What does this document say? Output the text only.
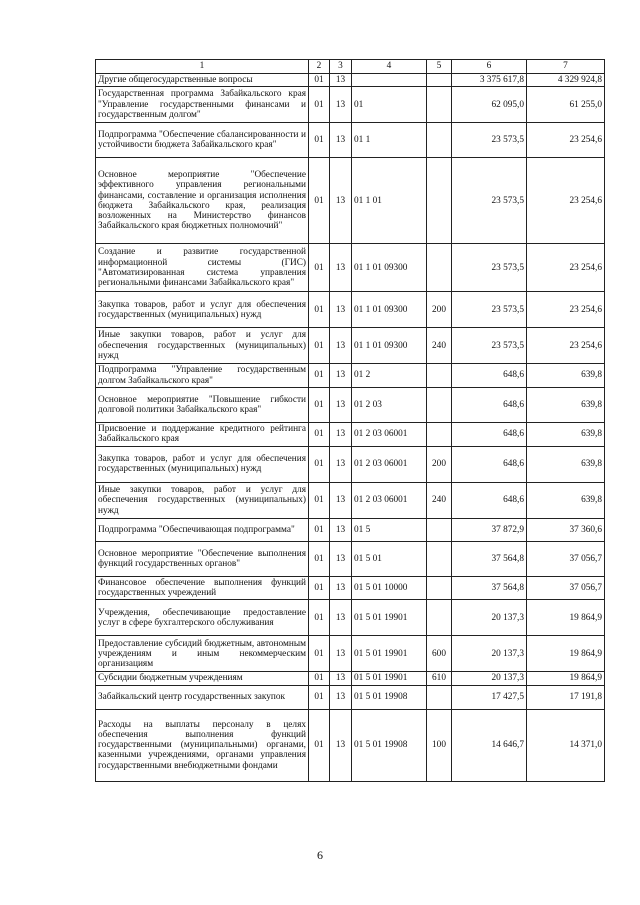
1	2	3	4	5	6	7
Другие общегосударственные вопросы	01	13			3 375 617,8	4 329 924,8
Государственная программа Забайкальского края "Управление государственными финансами и государственным долгом"	01	13	01		62 095,0	61 255,0
Подпрограмма "Обеспечение сбалансированности и устойчивости бюджета Забайкальского края"	01	13	01 1		23 573,5	23 254,6
Основное мероприятие "Обеспечение эффективного управления региональными финансами, составление и организация исполнения бюджета Забайкальского края, реализация возложенных на Министерство финансов Забайкальского края бюджетных полномочий"	01	13	01 1 01		23 573,5	23 254,6
Создание и развитие государственной информационной системы (ГИС) "Автоматизированная система управления региональными финансами Забайкальского края"	01	13	01 1 01 09300		23 573,5	23 254,6
Закупка товаров, работ и услуг для обеспечения государственных (муниципальных) нужд	01	13	01 1 01 09300	200	23 573,5	23 254,6
Иные закупки товаров, работ и услуг для обеспечения государственных (муниципальных) нужд	01	13	01 1 01 09300	240	23 573,5	23 254,6
Подпрограмма "Управление государственным долгом Забайкальского края"	01	13	01 2		648,6	639,8
Основное мероприятие "Повышение гибкости долговой политики Забайкальского края"	01	13	01 2 03		648,6	639,8
Присвоение и поддержание кредитного рейтинга Забайкальского края	01	13	01 2 03 06001		648,6	639,8
Закупка товаров, работ и услуг для обеспечения государственных (муниципальных) нужд	01	13	01 2 03 06001	200	648,6	639,8
Иные закупки товаров, работ и услуг для обеспечения государственных (муниципальных) нужд	01	13	01 2 03 06001	240	648,6	639,8
Подпрограмма "Обеспечивающая подпрограмма"	01	13	01 5		37 872,9	37 360,6
Основное мероприятие "Обеспечение выполнения функций государственных органов"	01	13	01 5 01		37 564,8	37 056,7
Финансовое обеспечение выполнения функций государственных учреждений	01	13	01 5 01 10000		37 564,8	37 056,7
Учреждения, обеспечивающие предоставление услуг в сфере бухгалтерского обслуживания	01	13	01 5 01 19901		20 137,3	19 864,9
Предоставление субсидий бюджетным, автономным учреждениям и иным некоммерческим организациям	01	13	01 5 01 19901	600	20 137,3	19 864,9
Субсидии бюджетным учреждениям	01	13	01 5 01 19901	610	20 137,3	19 864,9
Забайкальский центр государственных закупок	01	13	01 5 01 19908		17 427,5	17 191,8
Расходы на выплаты персоналу в целях обеспечения выполнения функций государственными (муниципальными) органами, казенными учреждениями, органами управления государственными внебюджетными фондами	01	13	01 5 01 19908	100	14 646,7	14 371,0
6
